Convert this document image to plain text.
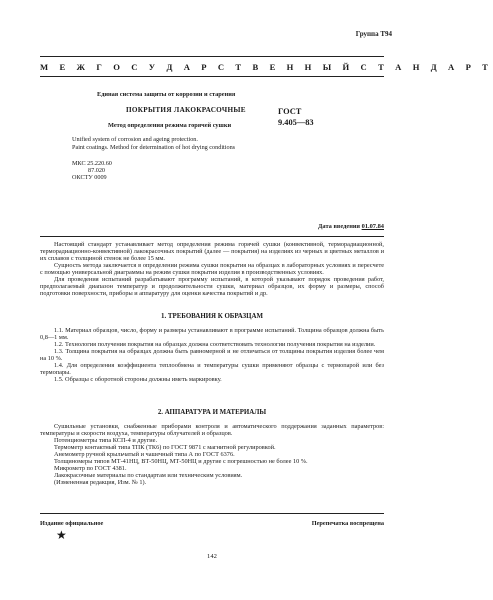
Группа Т94
М Е Ж Г О С У Д А Р С Т В Е Н Н Ы Й С Т А Н Д А Р Т
Единая система защиты от коррозии и старения
ПОКРЫТИЯ ЛАКОКРАСОЧНЫЕ
Метод определения режима горячей сушки
ГОСТ
9.405—83
Unified system of corrosion and ageing protection.
Paint coatings. Method for determination of hot drying conditions
МКС 25.220.60
87.020
ОКСТУ 0009
Дата введения 01.07.84

Настоящий стандарт устанавливает метод определения режима горячей сушки (конвективной, терморадиационной, терморадиационно-конвективной) лакокрасочных покрытий (далее — покрытия) на изделиях из черных и цветных металлов и их сплавов с толщиной стенок не более 15 мм.

Сущность метода заключается в определении режима сушки покрытия на образцах в лабораторных условиях и пересчете с помощью универсальной диаграммы на режим сушки покрытия изделия в производственных условиях.

Для проведения испытаний разрабатывают программу испытаний, в которой указывают порядок проведения работ, предполагаемый диапазон температур и продолжительности сушки, материал образцов, их форму и размеры, способ подготовки поверхности, приборы и аппаратуру для оценки качества покрытий и др.

1. ТРЕБОВАНИЯ К ОБРАЗЦАМ

1.1. Материал образцов, число, форму и размеры устанавливают в программе испытаний. Толщина образцов должна быть 0,8—1 мм.

1.2. Технология получения покрытия на образцах должна соответствовать технологии получения покрытия на изделии.

1.3. Толщина покрытия на образцах должна быть равномерной и не отличаться от толщины покрытия изделия более чем на 10 %.

1.4. Для определения коэффициента теплообмена и температуры сушки применяют образцы с термопарой или без термопары.

1.5. Образцы с оборотной стороны должны иметь маркировку.

2. АППАРАТУРА И МАТЕРИАЛЫ

Сушильные установки, снабженные приборами контроля и автоматического поддержания заданных параметров: температуры и скорости воздуха, температуры облучателей и образцов.

Потенциометры типа КСП-4 и другие.

Термометр контактный типа ТПК (ТК6) по ГОСТ 9871 с магнитной регулировкой.

Анемометр ручной крыльчатый и чашечный типа А по ГОСТ 6376.

Толщиномеры типов МТ-41НЦ, ВТ-50НЦ, МТ-50НЦ и другие с погрешностью не более 10 %.

Микрометр по ГОСТ 4381.

Лакокрасочные материалы по стандартам или техническим условиям.

(Измененная редакция, Изм. № 1).

Издание официальное	Перепечатка воспрещена
★
142
